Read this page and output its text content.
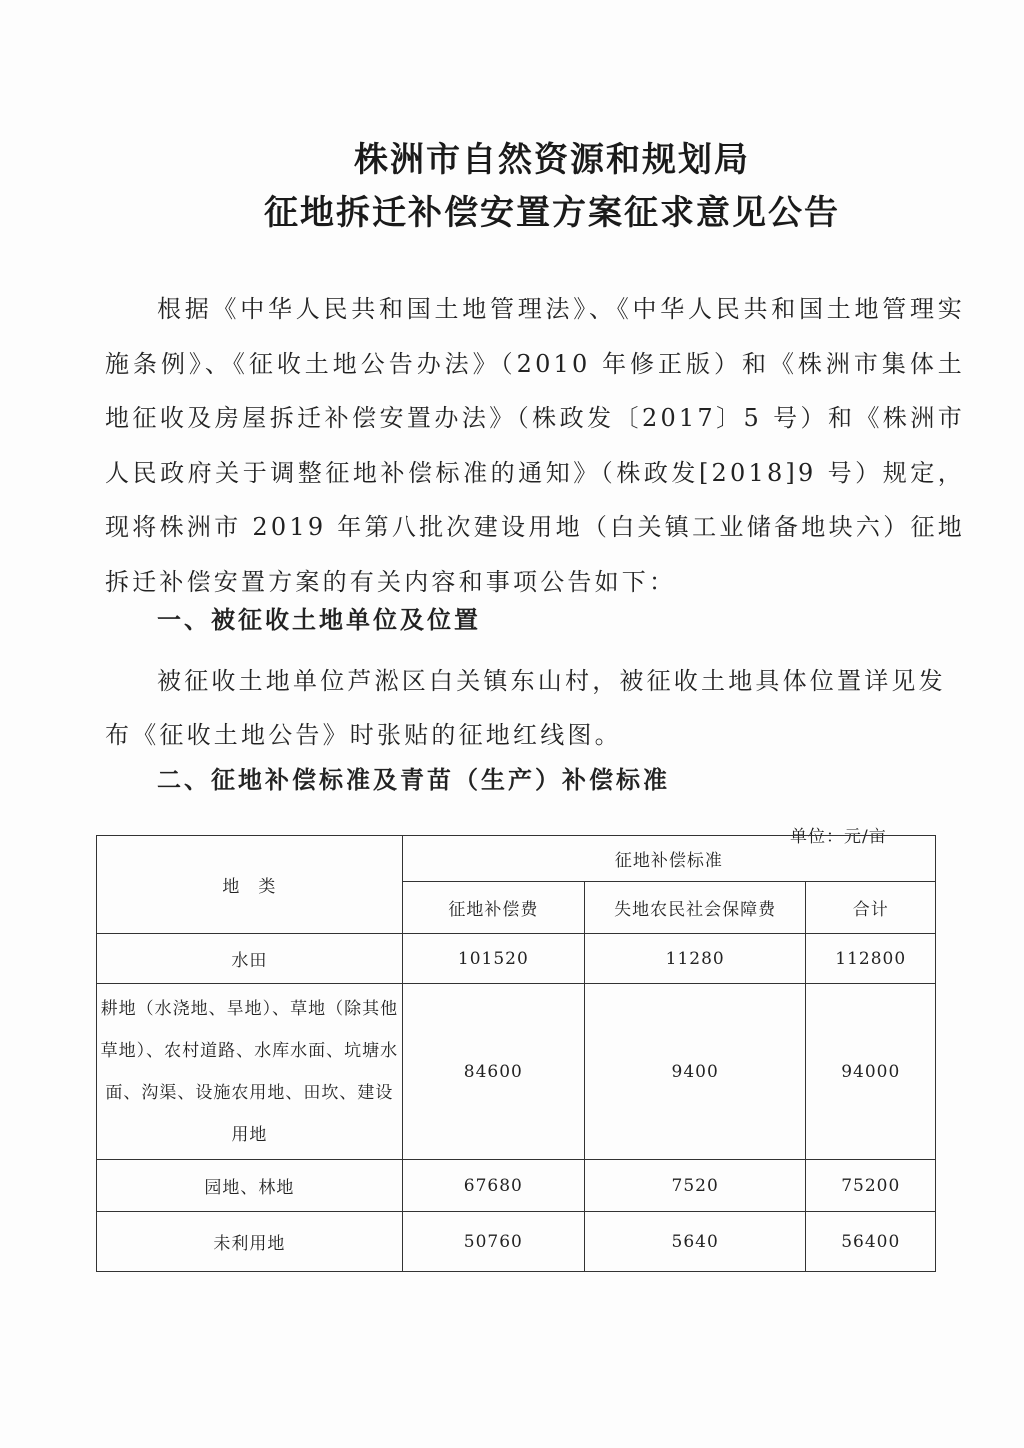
株洲市自然资源和规划局
征地拆迁补偿安置方案征求意见公告

根据《中华人民共和国土地管理法》、《中华人民共和国土地管理实施条例》、《征收土地公告办法》（2010 年修正版）和《株洲市集体土地征收及房屋拆迁补偿安置办法》（株政发〔2017〕5 号）和《株洲市人民政府关于调整征地补偿标准的通知》（株政发[2018]9 号）规定，现将株洲市 2019 年第八批次建设用地（白关镇工业储备地块六）征地拆迁补偿安置方案的有关内容和事项公告如下：

一、被征收土地单位及位置

被征收土地单位芦淞区白关镇东山村，被征收土地具体位置详见发布《征收土地公告》时张贴的征地红线图。

二、征地补偿标准及青苗（生产）补偿标准
单位：元/亩
地　类	征地补偿标准		
	征地补偿费	失地农民社会保障费	合计
水田	101520	11280	112800
耕地（水浇地、旱地）、草地（除其他草地）、农村道路、水库水面、坑塘水面、沟渠、设施农用地、田坎、建设用地	84600	9400	94000
园地、林地	67680	7520	75200
未利用地	50760	5640	56400
